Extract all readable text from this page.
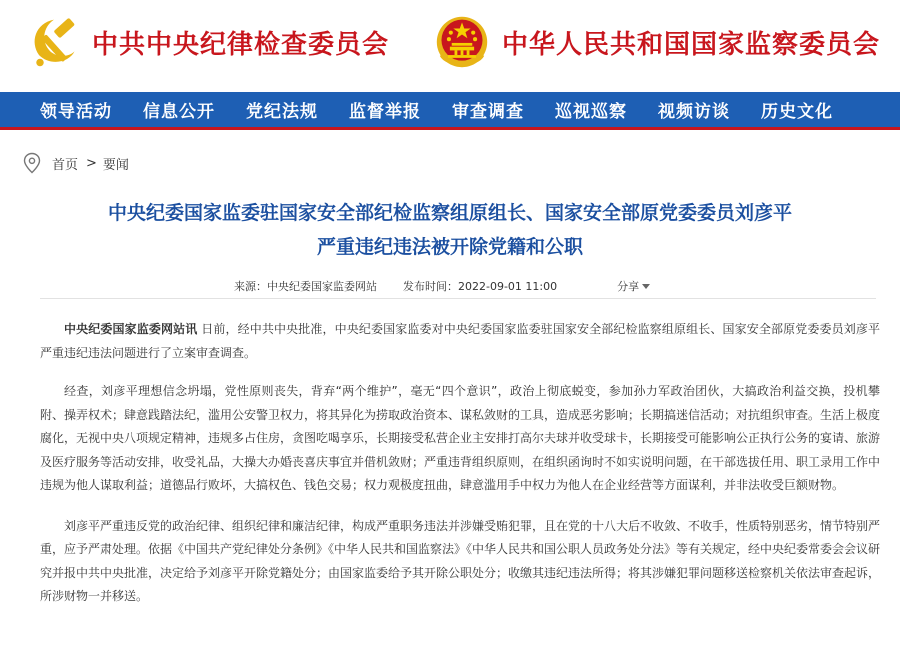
中共中央纪律检查委员会	中华人民共和国国家监察委员会
领导活动 信息公开 党纪法规 监督举报 审查调查 巡视巡察 视频访谈 历史文化
首页 > 要闻
中央纪委国家监委驻国家安全部纪检监察组原组长、国家安全部原党委委员刘彦平
严重违纪违法被开除党籍和公职
来源： 中央纪委国家监委网站 发布时间： 2022-09-01 11:00	分享

中央纪委国家监委网站讯 日前，经中共中央批准，中央纪委国家监委对中央纪委国家监委驻国家安全部纪检监察组原组长、国家安全部原党委委员刘彦平严重违纪违法问题进行了立案审查调查。

经查，刘彦平理想信念坍塌，党性原则丧失，背弃“两个维护”，毫无“四个意识”，政治上彻底蜕变，参加孙力军政治团伙，大搞政治利益交换，投机攀附、操弄权术；肆意践踏法纪，滥用公安警卫权力，将其异化为捞取政治资本、谋私敛财的工具，造成恶劣影响；长期搞迷信活动；对抗组织审查。生活上极度腐化，无视中央八项规定精神，违规多占住房，贪图吃喝享乐，长期接受私营企业主安排打高尔夫球并收受球卡，长期接受可能影响公正执行公务的宴请、旅游及医疗服务等活动安排，收受礼品，大操大办婚丧喜庆事宜并借机敛财；严重违背组织原则，在组织函询时不如实说明问题，在干部选拔任用、职工录用工作中违规为他人谋取利益；道德品行败坏，大搞权色、钱色交易；权力观极度扭曲，肆意滥用手中权力为他人在企业经营等方面谋利，并非法收受巨额财物。

刘彦平严重违反党的政治纪律、组织纪律和廉洁纪律，构成严重职务违法并涉嫌受贿犯罪，且在党的十八大后不收敛、不收手，性质特别恶劣，情节特别严重，应予严肃处理。依据《中国共产党纪律处分条例》《中华人民共和国监察法》《中华人民共和国公职人员政务处分法》等有关规定，经中央纪委常委会会议研究并报中共中央批准，决定给予刘彦平开除党籍处分；由国家监委给予其开除公职处分；收缴其违纪违法所得；将其涉嫌犯罪问题移送检察机关依法审查起诉，所涉财物一并移送。
